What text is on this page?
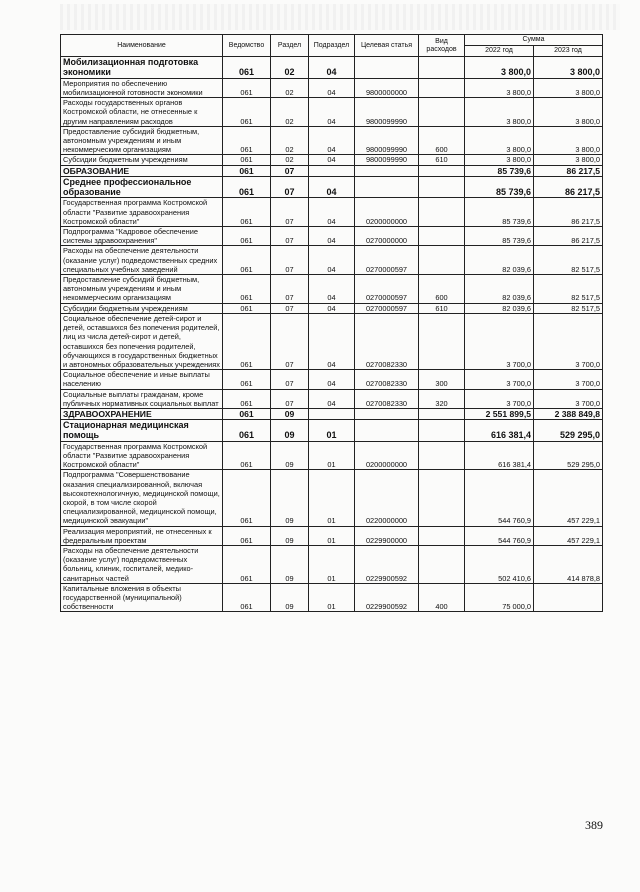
Наименование	Ведомство	Раздел	Подраздел	Целевая статья	Вид расходов	Сумма	
						2022 год	2023 год
Мобилизационная подготовка экономики	061	02	04			3 800,0	3 800,0
Мероприятия по обеспечению мобилизационной готовности экономики	061	02	04	9800000000		3 800,0	3 800,0
Расходы государственных органов Костромской области, не отнесенные к другим направлениям расходов	061	02	04	9800099990		3 800,0	3 800,0
Предоставление субсидий бюджетным, автономным учреждениям и иным некоммерческим организациям	061	02	04	9800099990	600	3 800,0	3 800,0
Субсидии бюджетным учреждениям	061	02	04	9800099990	610	3 800,0	3 800,0
ОБРАЗОВАНИЕ	061	07				85 739,6	86 217,5
Среднее профессиональное образование	061	07	04			85 739,6	86 217,5
Государственная программа Костромской области "Развитие здравоохранения Костромской области"	061	07	04	0200000000		85 739,6	86 217,5
Подпрограмма "Кадровое обеспечение системы здравоохранения"	061	07	04	0270000000		85 739,6	86 217,5
Расходы на обеспечение деятельности (оказание услуг) подведомственных средних специальных учебных заведений	061	07	04	0270000597		82 039,6	82 517,5
Предоставление субсидий бюджетным, автономным учреждениям и иным некоммерческим организациям	061	07	04	0270000597	600	82 039,6	82 517,5
Субсидии бюджетным учреждениям	061	07	04	0270000597	610	82 039,6	82 517,5
Социальное обеспечение детей-сирот и детей, оставшихся без попечения родителей, лиц из числа детей-сирот и детей, оставшихся без попечения родителей, обучающихся в государственных бюджетных и автономных образовательных учреждениях	061	07	04	0270082330		3 700,0	3 700,0
Социальное обеспечение и иные выплаты населению	061	07	04	0270082330	300	3 700,0	3 700,0
Социальные выплаты гражданам, кроме публичных нормативных социальных выплат	061	07	04	0270082330	320	3 700,0	3 700,0
ЗДРАВООХРАНЕНИЕ	061	09				2 551 899,5	2 388 849,8
Стационарная медицинская помощь	061	09	01			616 381,4	529 295,0
Государственная программа Костромской области "Развитие здравоохранения Костромской области"	061	09	01	0200000000		616 381,4	529 295,0
Подпрограмма "Совершенствование оказания специализированной, включая высокотехнологичную, медицинской помощи, скорой, в том числе скорой специализированной, медицинской помощи, медицинской эвакуации"	061	09	01	0220000000		544 760,9	457 229,1
Реализация мероприятий, не отнесенных к федеральным проектам	061	09	01	0229900000		544 760,9	457 229,1
Расходы на обеспечение деятельности (оказание услуг) подведомственных больниц, клиник, госпиталей, медико-санитарных частей	061	09	01	0229900592		502 410,6	414 878,8
Капитальные вложения в объекты государственной (муниципальной) собственности	061	09	01	0229900592	400	75 000,0	
389
